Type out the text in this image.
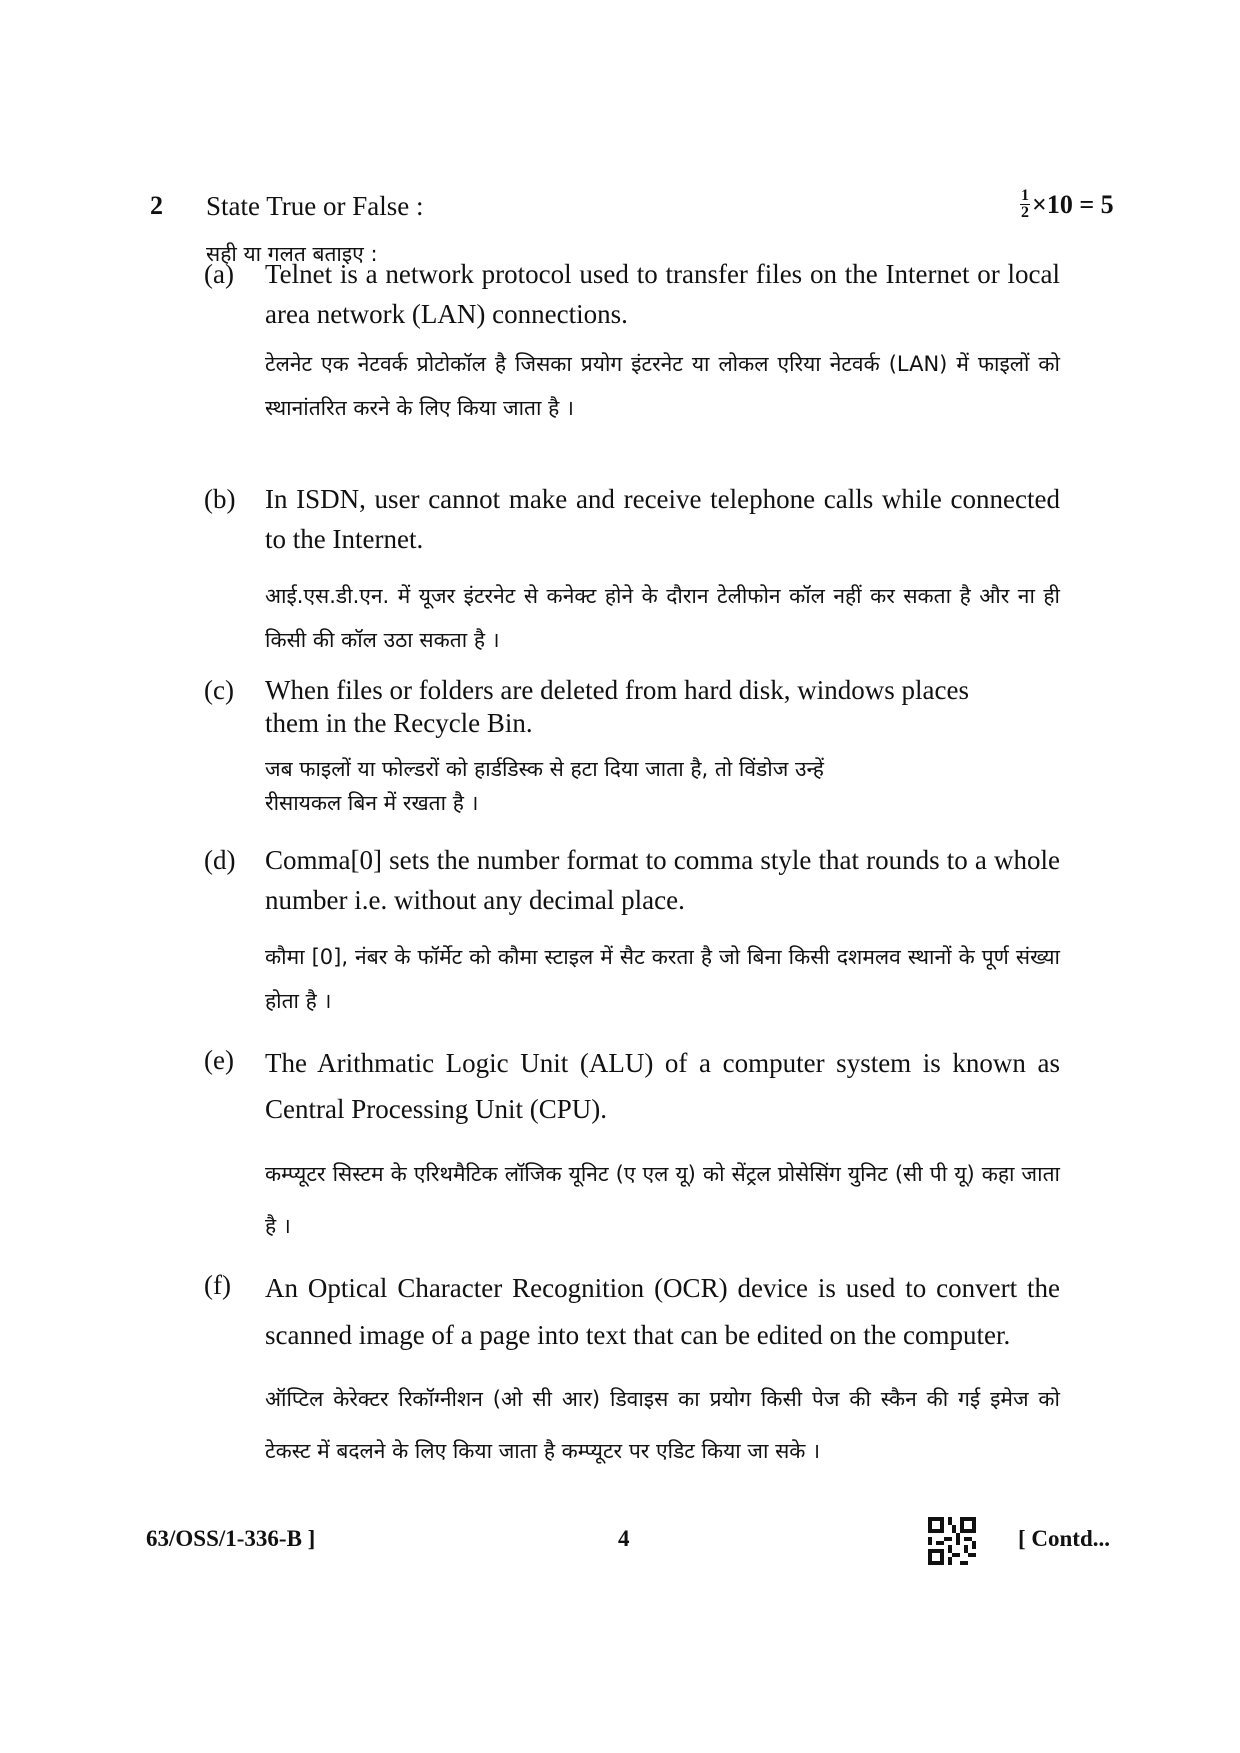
2 State True or False :
सही या गलत बताइए :
$\frac{1}{2} \times 10 = 5$
(a) Telnet is a network protocol used to transfer files on the Internet or local area network (LAN) connections.
टेलनेट एक नेटवर्क प्रोटोकॉल है जिसका प्रयोग इंटरनेट या लोकल एरिया नेटवर्क (LAN) में फाइलों को स्थानांतरित करने के लिए किया जाता है ।
(b) In ISDN, user cannot make and receive telephone calls while connected to the Internet.
आई.एस.डी.एन. में यूजर इंटरनेट से कनेक्ट होने के दौरान टेलीफोन कॉल नहीं कर सकता है और ना ही किसी की कॉल उठा सकता है ।
(c) When files or folders are deleted from hard disk, windows places
them in the Recycle Bin.
जब फाइलों या फोल्डरों को हार्डडिस्क से हटा दिया जाता है, तो विंडोज उन्हें
रीसायकल बिन में रखता है ।
(d) Comma[0] sets the number format to comma style that rounds to a whole number i.e. without any decimal place.
कौमा [0], नंबर के फॉर्मेट को कौमा स्टाइल में सैट करता है जो बिना किसी दशमलव स्थानों के पूर्ण संख्या होता है ।
(e) The Arithmatic Logic Unit (ALU) of a computer system is known as Central Processing Unit (CPU).
कम्प्यूटर सिस्टम के एरिथमैटिक लॉजिक यूनिट (ए एल यू) को सेंट्रल प्रोसेसिंग युनिट (सी पी यू) कहा जाता है ।
(f) An Optical Character Recognition (OCR) device is used to convert the scanned image of a page into text that can be edited on the computer.
ऑप्टिल केरेक्टर रिकॉग्नीशन (ओ सी आर) डिवाइस का प्रयोग किसी पेज की स्कैन की गई इमेज को टेकस्ट में बदलने के लिए किया जाता है कम्प्यूटर पर एडिट किया जा सके ।
63/OSS/1-336-B ]	4	[ Contd...
